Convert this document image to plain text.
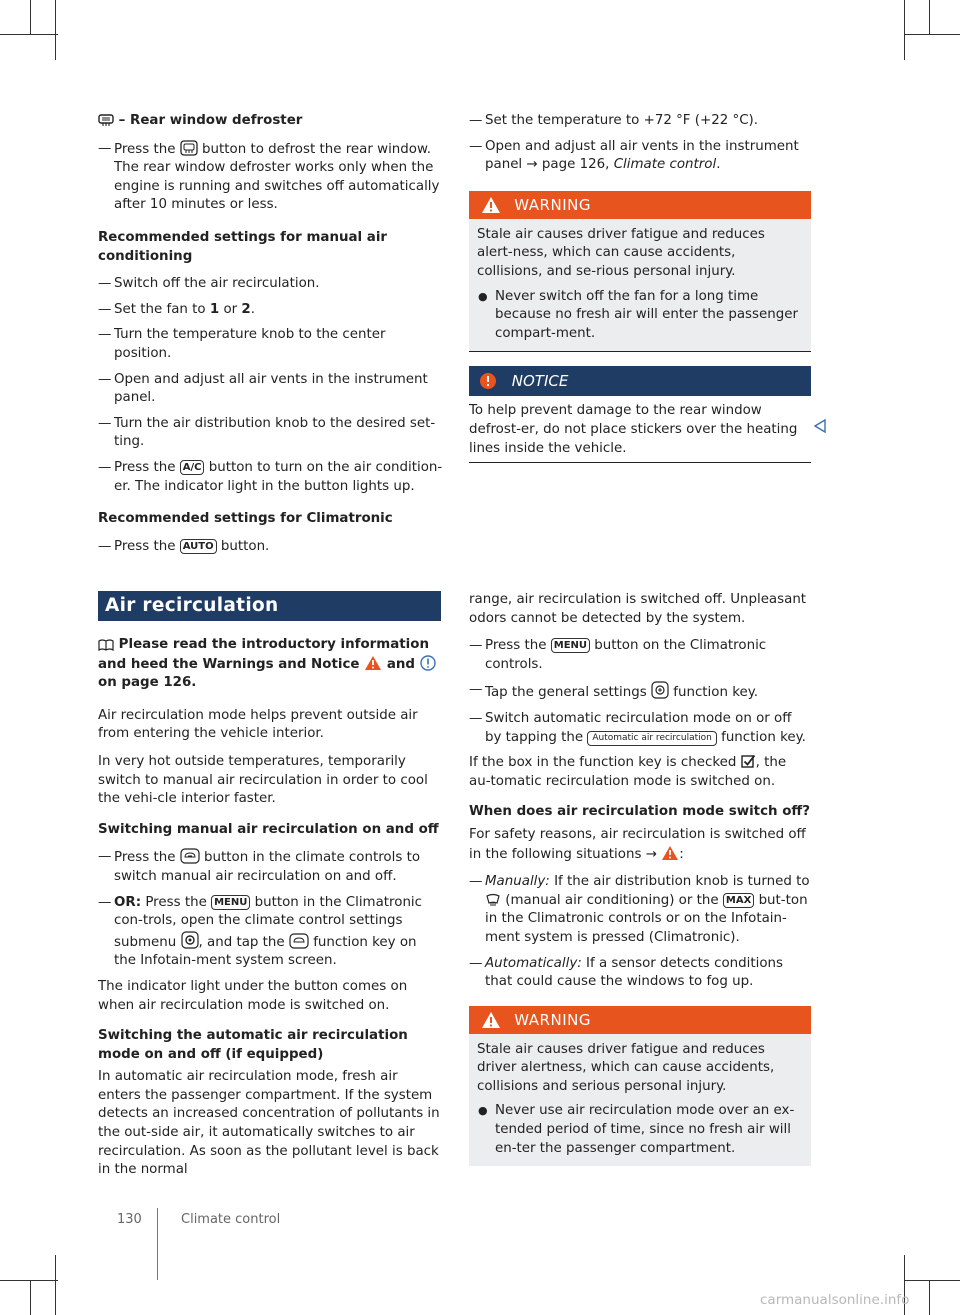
– Rear window defroster
— Press the button to defrost the rear window. The rear window defroster works only when the engine is running and switches off automatically after 10 minutes or less.
Recommended settings for manual air conditioning
— Switch off the air recirculation.
— Set the fan to 1 or 2.
— Turn the temperature knob to the center position.
— Open and adjust all air vents in the instrument panel.
— Turn the air distribution knob to the desired set-ting.
— Press the A/C button to turn on the air condition-er. The indicator light in the button lights up.
Recommended settings for Climatronic
— Press the AUTO button.
— Set the temperature to +72 °F (+22 °C).
— Open and adjust all air vents in the instrument panel → page 126, Climate control.
WARNING
Stale air causes driver fatigue and reduces alert-ness, which can cause accidents, collisions, and se-rious personal injury.
● Never switch off the fan for a long time because no fresh air will enter the passenger compart-ment.
NOTICE
To help prevent damage to the rear window defrost-er, do not place stickers over the heating lines inside the vehicle.
Air recirculation
Please read the introductory information and heed the Warnings and Notice and  on page 126.

Air recirculation mode helps prevent outside air from entering the vehicle interior.

In very hot outside temperatures, temporarily switch to manual air recirculation in order to cool the vehi-cle interior faster.

Switching manual air recirculation on and off
— Press the button in the climate controls to switch manual air recirculation on and off.
— OR: Press the MENU button in the Climatronic con-trols, open the climate control settings submenu , and tap the function key on the Infotain-ment system screen.

The indicator light under the button comes on when air recirculation mode is switched on.

Switching the automatic air recirculation mode on and off (if equipped)

In automatic air recirculation mode, fresh air enters the passenger compartment. If the system detects an increased concentration of pollutants in the out-side air, it automatically switches to air recirculation. As soon as the pollutant level is back in the normal

range, air recirculation is switched off. Unpleasant odors cannot be detected by the system.

— Press the MENU button on the Climatronic controls.
— Tap the general settings function key.
— Switch automatic recirculation mode on or off by tapping the Automatic air recirculation function key.

If the box in the function key is checked , the au-tomatic recirculation mode is switched on.

When does air recirculation mode switch off?

For safety reasons, air recirculation is switched off in the following situations → :

— Manually: If the air distribution knob is turned to  (manual air conditioning) or the MAX but-ton in the Climatronic controls or on the Infotain-ment system is pressed (Climatronic).
— Automatically: If a sensor detects conditions that could cause the windows to fog up.
WARNING
Stale air causes driver fatigue and reduces driver alertness, which can cause accidents, collisions and serious personal injury.
● Never use air recirculation mode over an ex-tended period of time, since no fresh air will en-ter the passenger compartment.
130	Climate control
carmanualsonline.info
